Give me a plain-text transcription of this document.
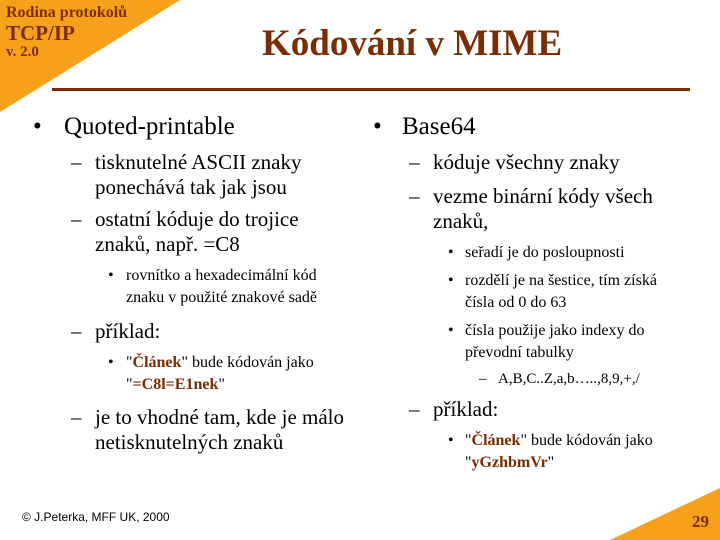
Rodina protokolů
TCP/IP
v. 2.0	Kódování v MIME
• Quoted-printable
– tisknutelné ASCII znaky ponechává tak jak jsou
– ostatní kóduje do trojice znaků, např. =C8
• rovnítko a hexadecimální kód znaku v použité znakové sadě
– příklad:
• "Článek" bude kódován jako "=C8l=E1nek"
– je to vhodné tam, kde je málo netisknutelných znaků
• Base64
– kóduje všechny znaky
– vezme binární kódy všech znaků,
• seřadí je do posloupnosti
• rozdělí je na šestice, tím získá čísla od 0 do 63
• čísla použije jako indexy do převodní tabulky
– A,B,C..Z,a,b…..,8,9,+,/
– příklad:
• "Článek" bude kódován jako "yGzhbmVr"
© J.Peterka, MFF UK, 2000	29
